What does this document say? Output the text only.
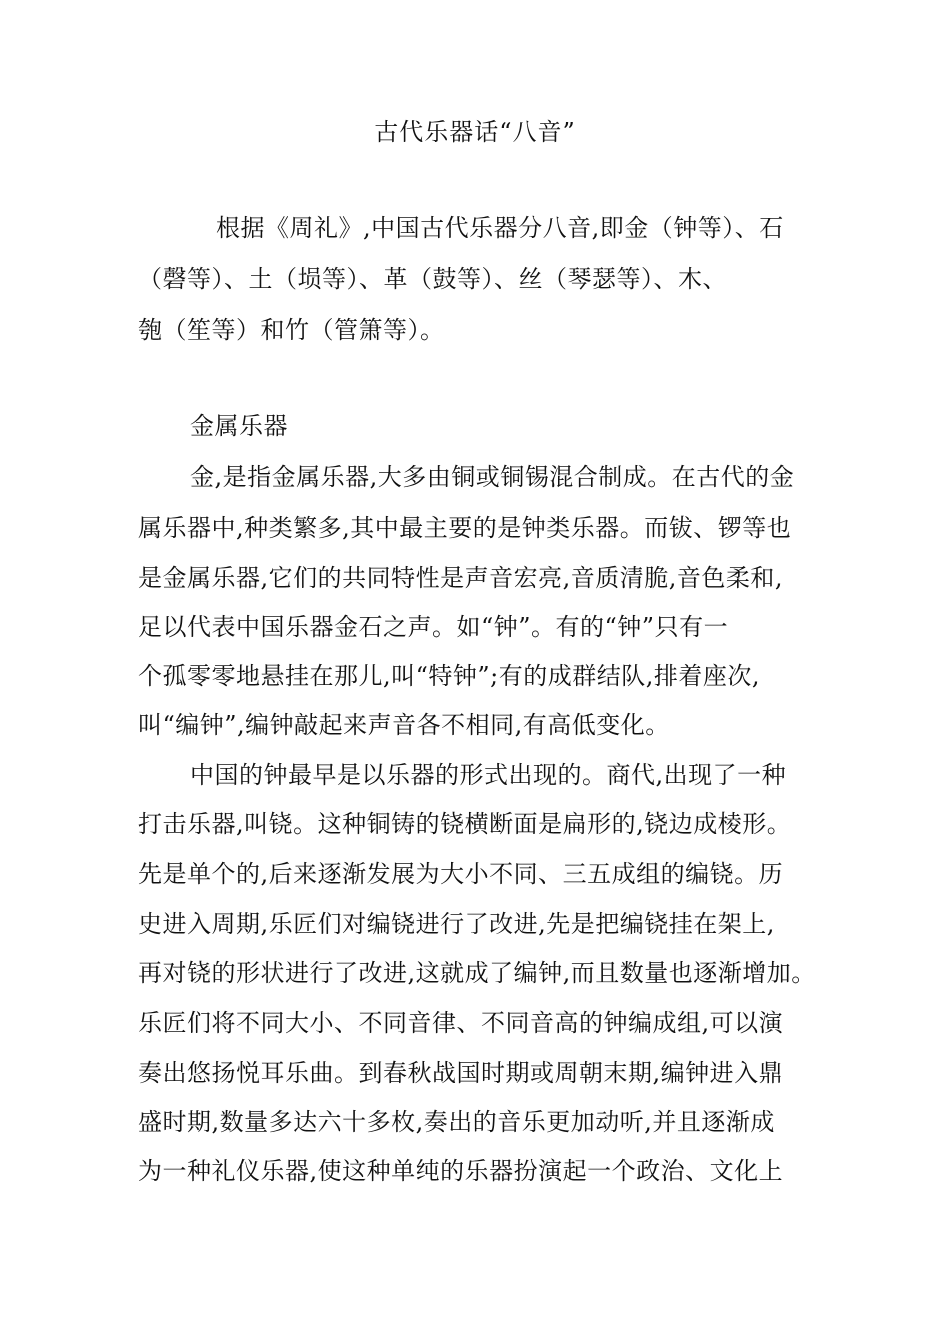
古代乐器话“八音”
根据《周礼》,中国古代乐器分八音,即金（钟等）、石
（磬等）、土（埙等）、革（鼓等）、丝（琴瑟等）、木、
匏（笙等）和竹（管箫等）。
金属乐器
金,是指金属乐器,大多由铜或铜锡混合制成。在古代的金
属乐器中,种类繁多,其中最主要的是钟类乐器。而钹、锣等也
是金属乐器,它们的共同特性是声音宏亮,音质清脆,音色柔和,
足以代表中国乐器金石之声。如“钟”。有的“钟”只有一
个孤零零地悬挂在那儿,叫“特钟”;有的成群结队,排着座次,
叫“编钟”,编钟敲起来声音各不相同,有高低变化。
中国的钟最早是以乐器的形式出现的。商代,出现了一种
打击乐器,叫铙。这种铜铸的铙横断面是扁形的,铙边成棱形。
先是单个的,后来逐渐发展为大小不同、三五成组的编铙。历
史进入周期,乐匠们对编铙进行了改进,先是把编铙挂在架上,
再对铙的形状进行了改进,这就成了编钟,而且数量也逐渐增加。
乐匠们将不同大小、不同音律、不同音高的钟编成组,可以演
奏出悠扬悦耳乐曲。到春秋战国时期或周朝末期,编钟进入鼎
盛时期,数量多达六十多枚,奏出的音乐更加动听,并且逐渐成
为一种礼仪乐器,使这种单纯的乐器扮演起一个政治、文化上
